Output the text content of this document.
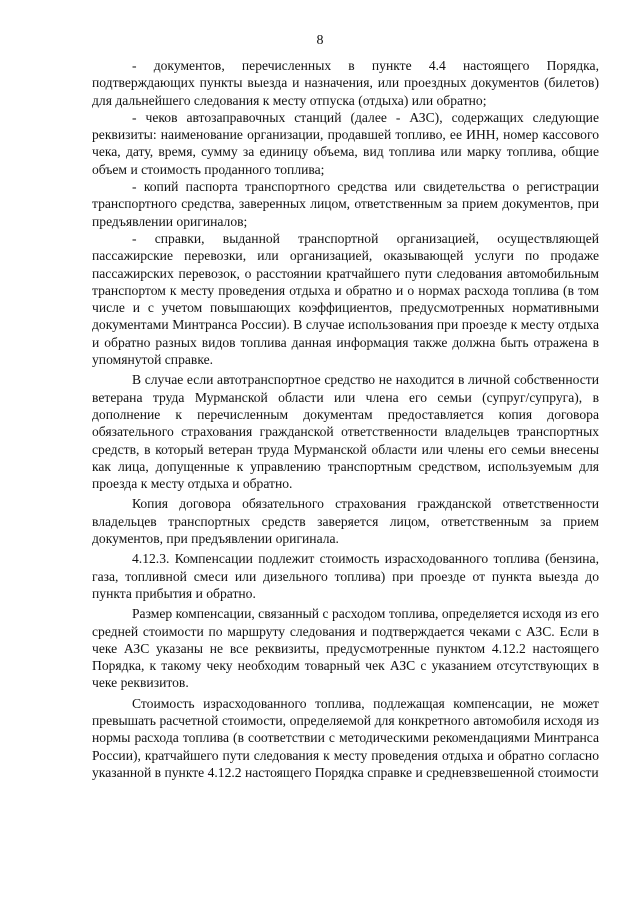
8

- документов, перечисленных в пункте 4.4 настоящего Порядка, подтверждающих пункты выезда и назначения, или проездных документов (билетов) для дальнейшего следования к месту отпуска (отдыха) или обратно;

- чеков автозаправочных станций (далее - АЗС), содержащих следующие реквизиты: наименование организации, продавшей топливо, ее ИНН, номер кассового чека, дату, время, сумму за единицу объема, вид топлива или марку топлива, общие объем и стоимость проданного топлива;

- копий паспорта транспортного средства или свидетельства о регистрации транспортного средства, заверенных лицом, ответственным за прием документов, при предъявлении оригиналов;

- справки, выданной транспортной организацией, осуществляющей пассажирские перевозки, или организацией, оказывающей услуги по продаже пассажирских перевозок, о расстоянии кратчайшего пути следования автомобильным транспортом к месту проведения отдыха и обратно и о нормах расхода топлива (в том числе и с учетом повышающих коэффициентов, предусмотренных нормативными документами Минтранса России). В случае использования при проезде к месту отдыха и обратно разных видов топлива данная информация также должна быть отражена в упомянутой справке.

В случае если автотранспортное средство не находится в личной собственности ветерана труда Мурманской области или члена его семьи (супруг/супруга), в дополнение к перечисленным документам предоставляется копия договора обязательного страхования гражданской ответственности владельцев транспортных средств, в который ветеран труда Мурманской области или члены его семьи внесены как лица, допущенные к управлению транспортным средством, используемым для проезда к месту отдыха и обратно.

Копия договора обязательного страхования гражданской ответственности владельцев транспортных средств заверяется лицом, ответственным за прием документов, при предъявлении оригинала.

4.12.3. Компенсации подлежит стоимость израсходованного топлива (бензина, газа, топливной смеси или дизельного топлива) при проезде от пункта выезда до пункта прибытия и обратно.

Размер компенсации, связанный с расходом топлива, определяется исходя из его средней стоимости по маршруту следования и подтверждается чеками с АЗС. Если в чеке АЗС указаны не все реквизиты, предусмотренные пунктом 4.12.2 настоящего Порядка, к такому чеку необходим товарный чек АЗС с указанием отсутствующих в чеке реквизитов.

Стоимость израсходованного топлива, подлежащая компенсации, не может превышать расчетной стоимости, определяемой для конкретного автомобиля исходя из нормы расхода топлива (в соответствии с методическими рекомендациями Минтранса России), кратчайшего пути следования к месту проведения отдыха и обратно согласно указанной в пункте 4.12.2 настоящего Порядка справке и средневзвешенной стоимости
